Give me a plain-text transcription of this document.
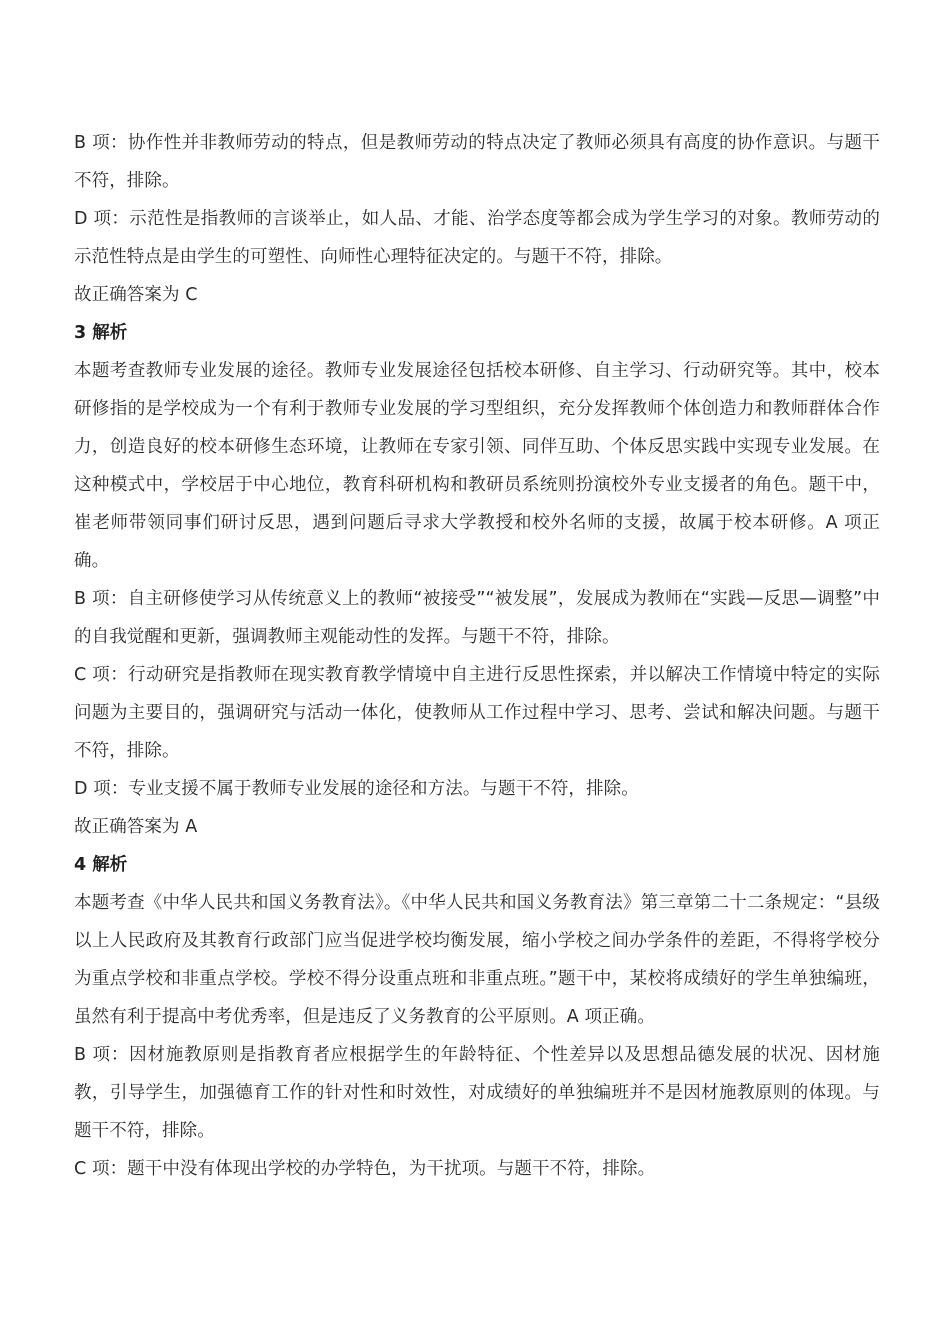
B 项：协作性并非教师劳动的特点，但是教师劳动的特点决定了教师必须具有高度的协作意识。与题干不符，排除。

D 项：示范性是指教师的言谈举止，如人品、才能、治学态度等都会成为学生学习的对象。教师劳动的示范性特点是由学生的可塑性、向师性心理特征决定的。与题干不符，排除。

故正确答案为 C

3 解析

本题考查教师专业发展的途径。教师专业发展途径包括校本研修、自主学习、行动研究等。其中，校本研修指的是学校成为一个有利于教师专业发展的学习型组织，充分发挥教师个体创造力和教师群体合作力，创造良好的校本研修生态环境，让教师在专家引领、同伴互助、个体反思实践中实现专业发展。在这种模式中，学校居于中心地位，教育科研机构和教研员系统则扮演校外专业支援者的角色。题干中，崔老师带领同事们研讨反思，遇到问题后寻求大学教授和校外名师的支援，故属于校本研修。A 项正确。

B 项：自主研修使学习从传统意义上的教师“被接受”“被发展”，发展成为教师在“实践—反思—调整”中的自我觉醒和更新，强调教师主观能动性的发挥。与题干不符，排除。

C 项：行动研究是指教师在现实教育教学情境中自主进行反思性探索，并以解决工作情境中特定的实际问题为主要目的，强调研究与活动一体化，使教师从工作过程中学习、思考、尝试和解决问题。与题干不符，排除。

D 项：专业支援不属于教师专业发展的途径和方法。与题干不符，排除。

故正确答案为 A

4 解析

本题考查《中华人民共和国义务教育法》。《中华人民共和国义务教育法》第三章第二十二条规定：“县级以上人民政府及其教育行政部门应当促进学校均衡发展，缩小学校之间办学条件的差距，不得将学校分为重点学校和非重点学校。学校不得分设重点班和非重点班。”题干中，某校将成绩好的学生单独编班，虽然有利于提高中考优秀率，但是违反了义务教育的公平原则。A 项正确。

B 项：因材施教原则是指教育者应根据学生的年龄特征、个性差异以及思想品德发展的状况、因材施教，引导学生，加强德育工作的针对性和时效性，对成绩好的单独编班并不是因材施教原则的体现。与题干不符，排除。

C 项：题干中没有体现出学校的办学特色，为干扰项。与题干不符，排除。
